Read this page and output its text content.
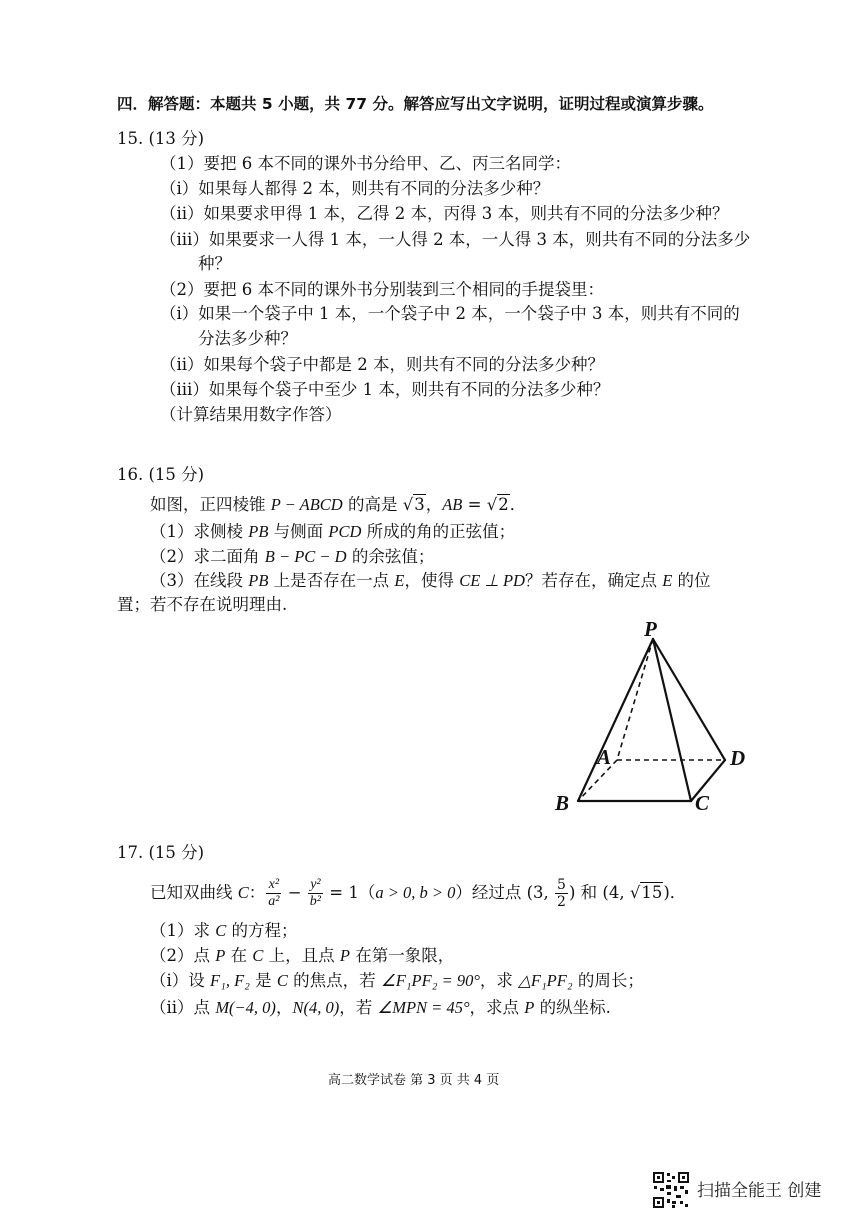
四．解答题：本题共 5 小题，共 77 分。解答应写出文字说明，证明过程或演算步骤。
15. (13 分)
（1）要把 6 本不同的课外书分给甲、乙、丙三名同学：
（ⅰ）如果每人都得 2 本，则共有不同的分法多少种？
（ⅱ）如果要求甲得 1 本，乙得 2 本，丙得 3 本，则共有不同的分法多少种？
（ⅲ）如果要求一人得 1 本，一人得 2 本，一人得 3 本，则共有不同的分法多少
种？
（2）要把 6 本不同的课外书分别装到三个相同的手提袋里：
（ⅰ）如果一个袋子中 1 本，一个袋子中 2 本，一个袋子中 3 本，则共有不同的
分法多少种？
（ⅱ）如果每个袋子中都是 2 本，则共有不同的分法多少种？
（ⅲ）如果每个袋子中至少 1 本，则共有不同的分法多少种？
（计算结果用数字作答）
16. (15 分)
如图，正四棱锥 P − ABCD 的高是 √3，AB = √2．
（1）求侧棱 PB 与侧面 PCD 所成的角的正弦值；
（2）求二面角 B − PC − D 的余弦值；
（3）在线段 PB 上是否存在一点 E，使得 CE ⊥ PD？若存在，确定点 E 的位
置；若不存在说明理由.
P
A	D
B	C
17. (15 分)
已知双曲线 C： $\frac{\text{x²}}{\text{a²}} - \frac{\text{y²}}{\text{b²}} = 1(a > 0$, b > 0）经过点 (3, $\frac{5}{2}$ ) 和 (4, √15)．
（1）求 C 的方程；
（2）点 P 在 C 上，且点 P 在第一象限，
（ⅰ）设 F₁, F₂ 是 C 的焦点，若 ∠F₁PF₂ = 90°，求 △F₁PF₂ 的周长；
（ⅱ）点 M(−4, 0)，N(4, 0)，若 ∠MPN = 45°，求点 P 的纵坐标.
高二数学试卷 第 3 页 共 4 页
扫描全能王 创建
